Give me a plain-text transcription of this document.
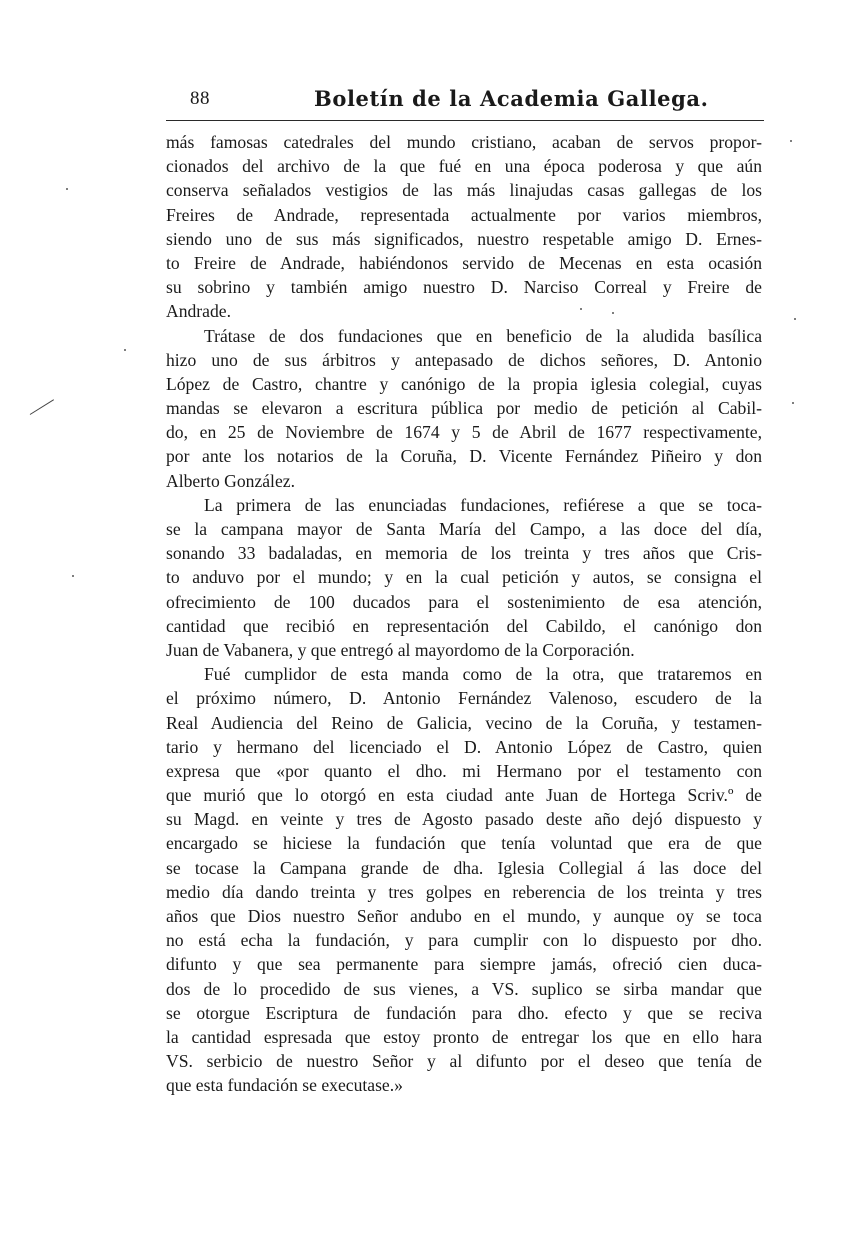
88	Boletín de la Academia Gallega.
más famosas catedrales del mundo cristiano, acaban de servos propor-
cionados del archivo de la que fué en una época poderosa y que aún
conserva señalados vestigios de las más linajudas casas gallegas de los
Freires de Andrade, representada actualmente por varios miembros,
siendo uno de sus más significados, nuestro respetable amigo D. Ernes-
to Freire de Andrade, habiéndonos servido de Mecenas en esta ocasión
su sobrino y también amigo nuestro D. Narciso Correal y Freire de
Andrade.
Trátase de dos fundaciones que en beneficio de la aludida basílica
hizo uno de sus árbitros y antepasado de dichos señores, D. Antonio
López de Castro, chantre y canónigo de la propia iglesia colegial, cuyas
mandas se elevaron a escritura pública por medio de petición al Cabil-
do, en 25 de Noviembre de 1674 y 5 de Abril de 1677 respectivamente,
por ante los notarios de la Coruña, D. Vicente Fernández Piñeiro y don
Alberto González.
La primera de las enunciadas fundaciones, refiérese a que se toca-
se la campana mayor de Santa María del Campo, a las doce del día,
sonando 33 badaladas, en memoria de los treinta y tres años que Cris-
to anduvo por el mundo; y en la cual petición y autos, se consigna el
ofrecimiento de 100 ducados para el sostenimiento de esa atención,
cantidad que recibió en representación del Cabildo, el canónigo don
Juan de Vabanera, y que entregó al mayordomo de la Corporación.
Fué cumplidor de esta manda como de la otra, que trataremos en
el próximo número, D. Antonio Fernández Valenoso, escudero de la
Real Audiencia del Reino de Galicia, vecino de la Coruña, y testamen-
tario y hermano del licenciado el D. Antonio López de Castro, quien
expresa que «por quanto el dho. mi Hermano por el testamento con
que murió que lo otorgó en esta ciudad ante Juan de Hortega Scriv.º de
su Magd. en veinte y tres de Agosto pasado deste año dejó dispuesto y
encargado se hiciese la fundación que tenía voluntad que era de que
se tocase la Campana grande de dha. Iglesia Collegial á las doce del
medio día dando treinta y tres golpes en reberencia de los treinta y tres
años que Dios nuestro Señor andubo en el mundo, y aunque oy se toca
no está echa la fundación, y para cumplir con lo dispuesto por dho.
difunto y que sea permanente para siempre jamás, ofreció cien duca-
dos de lo procedido de sus vienes, a VS. suplico se sirba mandar que
se otorgue Escriptura de fundación para dho. efecto y que se reciva
la cantidad espresada que estoy pronto de entregar los que en ello hara
VS. serbicio de nuestro Señor y al difunto por el deseo que tenía de
que esta fundación se executase.»
